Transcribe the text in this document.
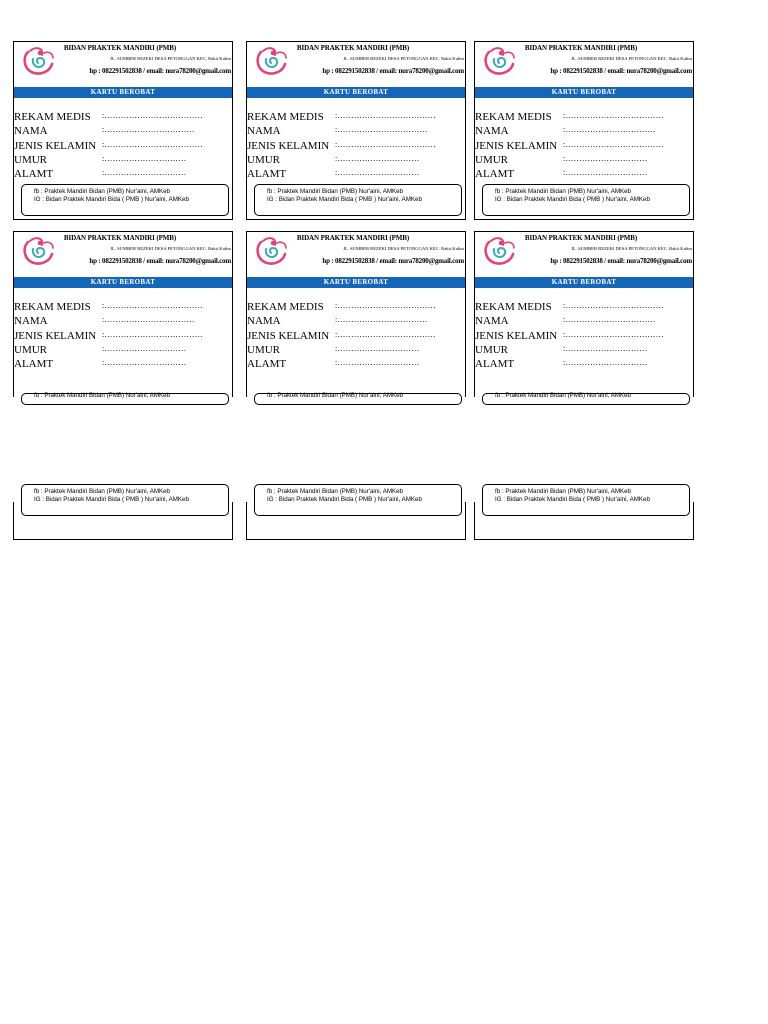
BIDAN PRAKTEK MANDIRI (PMB)
JL. SUMBER REZEKI DESA PETONGGAN KEC. Rakit Kulim
hp : 082291502838 / email: nura78200@gmail.com
KARTU BEROBAT
REKAM MEDIS :………………………………
NAMA	:……………………………
JENIS KELAMIN :………………………………
UMUR	:…………………………
ALAMT	:…………………………
fb : Praktek Mandiri Bidan (PMB) Nur'aini, AMKeb
IG : Bidan Praktek Mandiri Bida ( PMB ) Nur'aini, AMKeb
BIDAN PRAKTEK MANDIRI (PMB)
JL. SUMBER REZEKI DESA PETONGGAN KEC. Rakit Kulim
hp : 082291502838 / email: nura78200@gmail.com
KARTU BEROBAT
REKAM MEDIS :………………………………
NAMA	:……………………………
JENIS KELAMIN :………………………………
UMUR	:…………………………
ALAMT	:…………………………
fb : Praktek Mandiri Bidan (PMB) Nur'aini, AMKeb
IG : Bidan Praktek Mandiri Bida ( PMB ) Nur'aini, AMKeb
BIDAN PRAKTEK MANDIRI (PMB)
JL. SUMBER REZEKI DESA PETONGGAN KEC. Rakit Kulim
hp : 082291502838 / email: nura78200@gmail.com
KARTU BEROBAT
REKAM MEDIS :………………………………
NAMA	:……………………………
JENIS KELAMIN :………………………………
UMUR	:…………………………
ALAMT	:…………………………
fb : Praktek Mandiri Bidan (PMB) Nur'aini, AMKeb
IG : Bidan Praktek Mandiri Bida ( PMB ) Nur'aini, AMKeb
BIDAN PRAKTEK MANDIRI (PMB)
JL. SUMBER REZEKI DESA PETONGGAN KEC. Rakit Kulim
hp : 082291502838 / email: nura78200@gmail.com
KARTU BEROBAT
REKAM MEDIS :………………………………
NAMA	:……………………………
JENIS KELAMIN :………………………………
UMUR	:…………………………
ALAMT	:…………………………
fb : Praktek Mandiri Bidan (PMB) Nur'aini, AMKeb
BIDAN PRAKTEK MANDIRI (PMB)
JL. SUMBER REZEKI DESA PETONGGAN KEC. Rakit Kulim
hp : 082291502838 / email: nura78200@gmail.com
KARTU BEROBAT
REKAM MEDIS :………………………………
NAMA	:……………………………
JENIS KELAMIN :………………………………
UMUR	:…………………………
ALAMT	:…………………………
fb : Praktek Mandiri Bidan (PMB) Nur'aini, AMKeb
BIDAN PRAKTEK MANDIRI (PMB)
JL. SUMBER REZEKI DESA PETONGGAN KEC. Rakit Kulim
hp : 082291502838 / email: nura78200@gmail.com
KARTU BEROBAT
REKAM MEDIS :………………………………
NAMA	:……………………………
JENIS KELAMIN :………………………………
UMUR	:…………………………
ALAMT	:…………………………
fb : Praktek Mandiri Bidan (PMB) Nur'aini, AMKeb
fb : Praktek Mandiri Bidan (PMB) Nur'aini, AMKeb
IG : Bidan Praktek Mandiri Bida ( PMB ) Nur'aini, AMKeb
fb : Praktek Mandiri Bidan (PMB) Nur'aini, AMKeb
IG : Bidan Praktek Mandiri Bida ( PMB ) Nur'aini, AMKeb
fb : Praktek Mandiri Bidan (PMB) Nur'aini, AMKeb
IG : Bidan Praktek Mandiri Bida ( PMB ) Nur'aini, AMKeb
